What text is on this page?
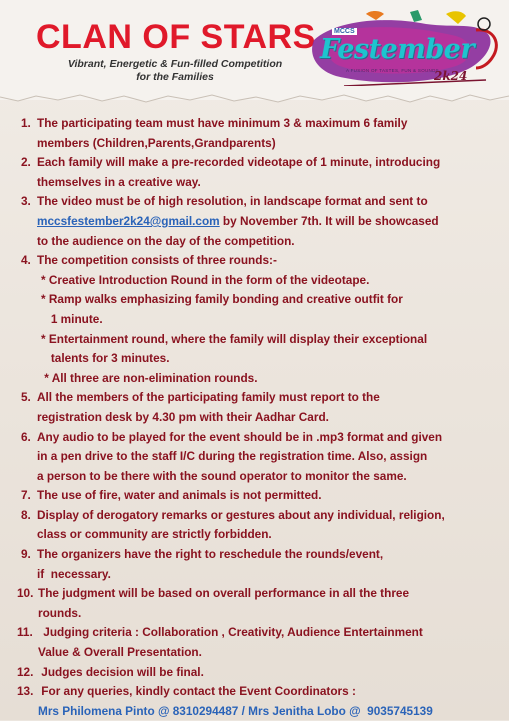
CLAN OF STARS
Vibrant, Energetic & Fun-filled Competition
for the Families
MCCS
Festember
A FUSION OF TASTES, FUN & SOUNDS
2k24
1. The participating team must have minimum 3 & maximum 6 family
members (Children,Parents,Grandparents)
2. Each family will make a pre-recorded videotape of 1 minute, introducing
themselves in a creative way.
3. The video must be of high resolution, in landscape format and sent to
mccsfestember2k24@gmail.com by November 7th. It will be showcased
to the audience on the day of the competition.
4. The competition consists of three rounds:-
* Creative Introduction Round in the form of the videotape.
* Ramp walks emphasizing family bonding and creative outfit for
1 minute.
* Entertainment round, where the family will display their exceptional
talents for 3 minutes.
* All three are non-elimination rounds.
5. All the members of the participating family must report to the
registration desk by 4.30 pm with their Aadhar Card.
6. Any audio to be played for the event should be in .mp3 format and given
in a pen drive to the staff I/C during the registration time. Also, assign
a person to be there with the sound operator to monitor the same.
7. The use of fire, water and animals is not permitted.
8. Display of derogatory remarks or gestures about any individual, religion,
class or community are strictly forbidden.
9. The organizers have the right to reschedule the rounds/event,
if  necessary.
10. The judgment will be based on overall performance in all the three
rounds.
11. Judging criteria : Collaboration , Creativity, Audience Entertainment
Value & Overall Presentation.
12. Judges decision will be final.
13. For any queries, kindly contact the Event Coordinators :
Mrs Philomena Pinto @ 8310294487 / Mrs Jenitha Lobo @  9035745139
